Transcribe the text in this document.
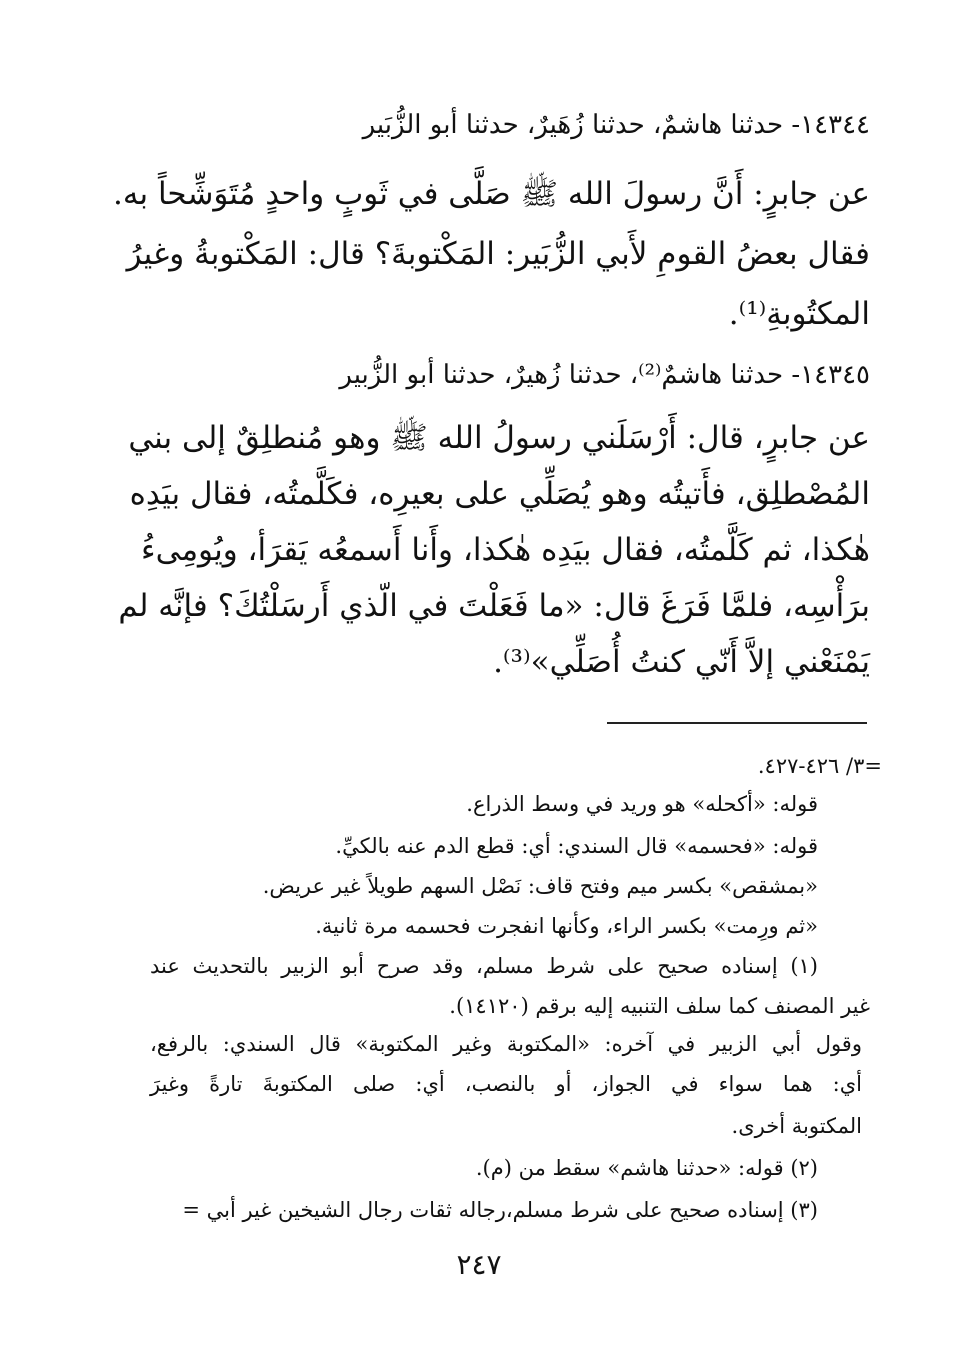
١٤٣٤٤- حدثنا هاشمٌ، حدثنا زُهَيرٌ، حدثنا أبو الزُّبَير
عن جابرٍ: أَنَّ رسولَ الله ﷺ صَلَّى في ثَوبٍ واحدٍ مُتَوَشِّحاً به.
فقال بعضُ القومِ لأَبي الزُّبَير: المَكْتوبةَ؟ قال: المَكْتوبةُ وغيرُ
المكتُوبةِ⁽¹⁾.
١٤٣٤٥- حدثنا هاشمٌ⁽²⁾، حدثنا زُهيرٌ، حدثنا أبو الزُّبير
عن جابرٍ، قال: أَرْسَلَني رسولُ الله ﷺ وهو مُنطلِقٌ إلى بني
المُصْطلِق، فأَتيتُه وهو يُصَلِّي على بعيرِه، فكَلَّمتُه، فقال بيَدِه
هٰكذا، ثم كَلَّمتُه، فقال بيَدِه هٰكذا، وأَنا أَسمعُه يَقرَأ، ويُومِىءُ
برَأْسِه، فلمَّا فَرَغَ قال: «ما فَعَلْتَ في الّذي أَرسَلْتُكَ؟ فإنَّه لم
يَمْنَعْني إلاَّ أَنّي كنتُ أُصَلِّي»⁽³⁾.
=٣/ ٤٢٦-٤٢٧.
قوله: «أكحله» هو وريد في وسط الذراع.
قوله: «فحسمه» قال السندي: أي: قطع الدم عنه بالكيِّ.
«بمشقص» بكسر ميم وفتح قاف: نَصْل السهم طويلاً غير عريض.
«ثم ورِمت» بكسر الراء، وكأنها انفجرت فحسمه مرة ثانية.
(١) إسناده صحيح على شرط مسلم، وقد صرح أبو الزبير بالتحديث عند
غير المصنف كما سلف التنبيه إليه برقم (١٤١٢٠).
وقول أبي الزبير في آخره: «المكتوبة وغير المكتوبة» قال السندي: بالرفع،
أي: هما سواء في الجواز، أو بالنصب، أي: صلى المكتوبةَ تارةً وغيرَ
المكتوبة أخرى.
(٢) قوله: «حدثنا هاشم» سقط من (م).
(٣) إسناده صحيح على شرط مسلم،رجاله ثقات رجال الشيخين غير أبي =
٢٤٧
